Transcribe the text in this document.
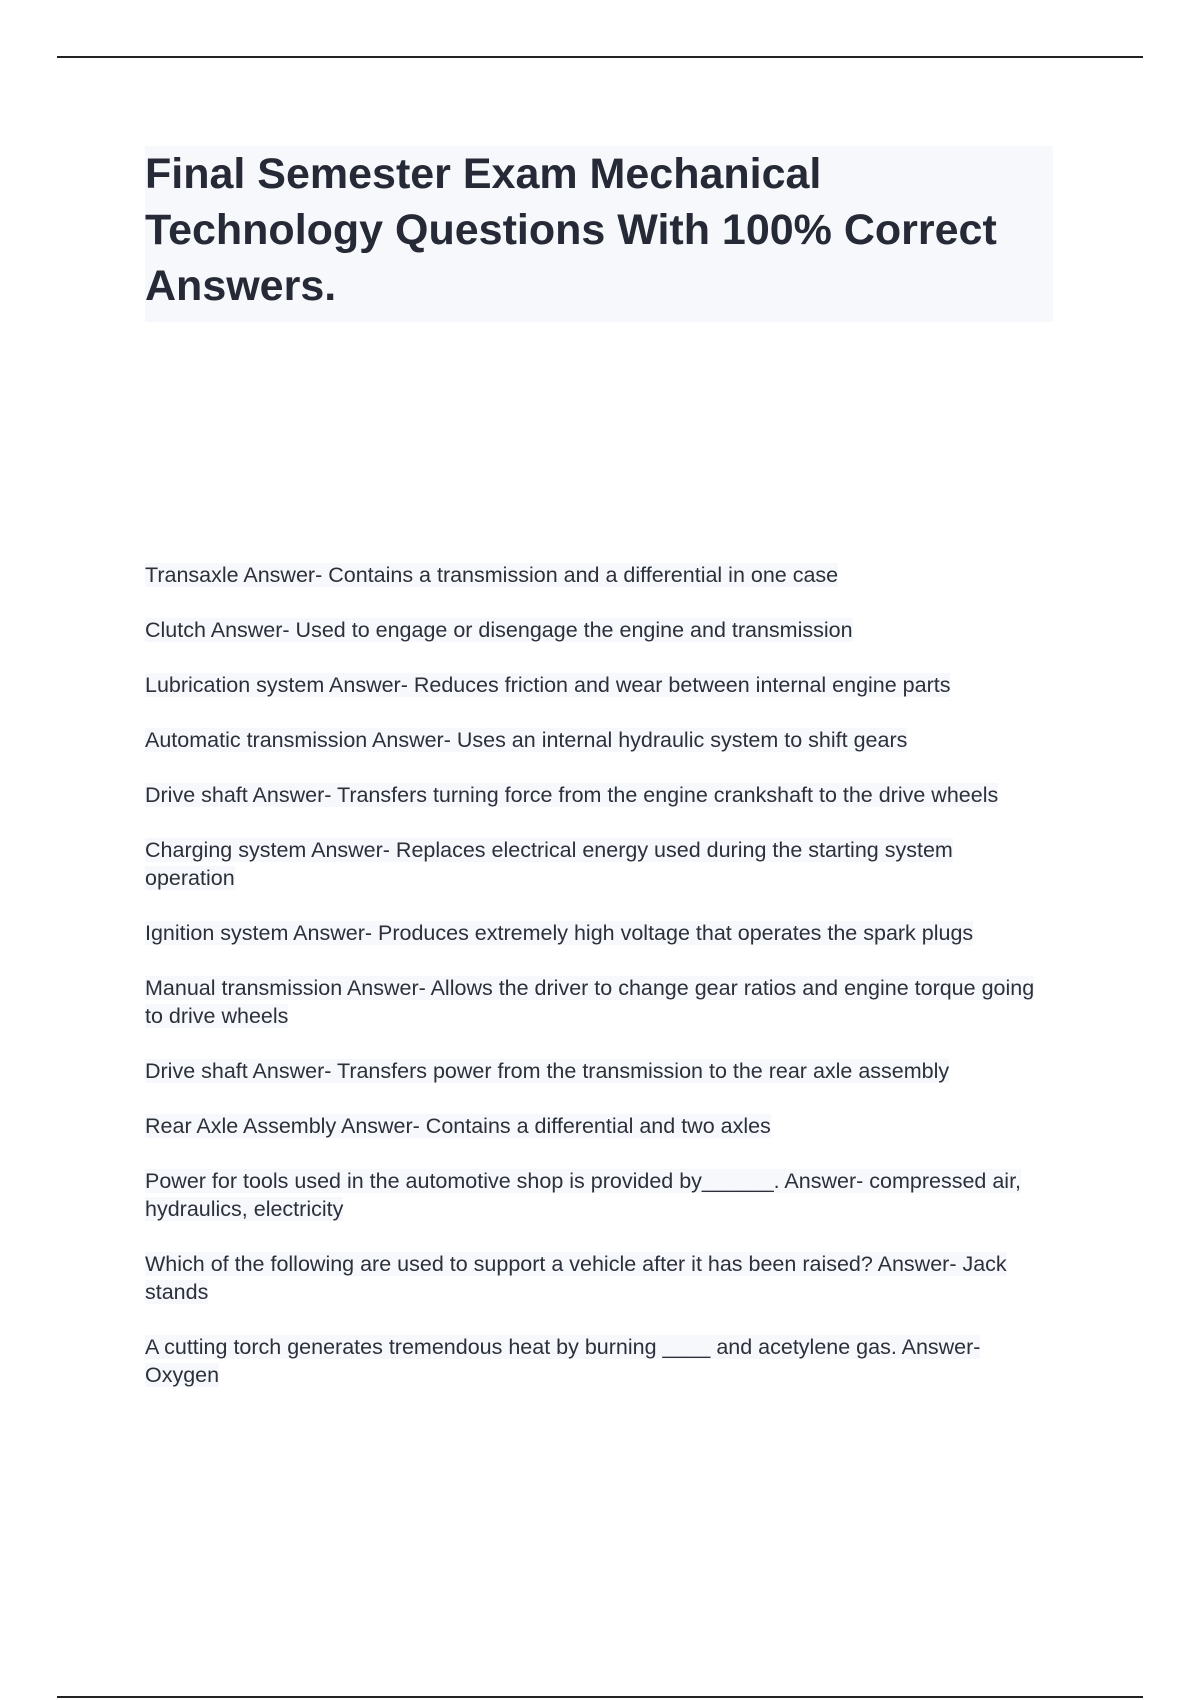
Final Semester Exam Mechanical Technology Questions With 100% Correct Answers.
Transaxle Answer- Contains a transmission and a differential in one case
Clutch Answer- Used to engage or disengage the engine and transmission
Lubrication system Answer- Reduces friction and wear between internal engine parts
Automatic transmission Answer- Uses an internal hydraulic system to shift gears
Drive shaft Answer- Transfers turning force from the engine crankshaft to the drive wheels
Charging system Answer- Replaces electrical energy used during the starting system operation
Ignition system Answer- Produces extremely high voltage that operates the spark plugs
Manual transmission Answer- Allows the driver to change gear ratios and engine torque going to drive wheels
Drive shaft Answer- Transfers power from the transmission to the rear axle assembly
Rear Axle Assembly Answer- Contains a differential and two axles
Power for tools used in the automotive shop is provided by______. Answer- compressed air, hydraulics, electricity
Which of the following are used to support a vehicle after it has been raised? Answer- Jack stands
A cutting torch generates tremendous heat by burning ____ and acetylene gas. Answer- Oxygen
